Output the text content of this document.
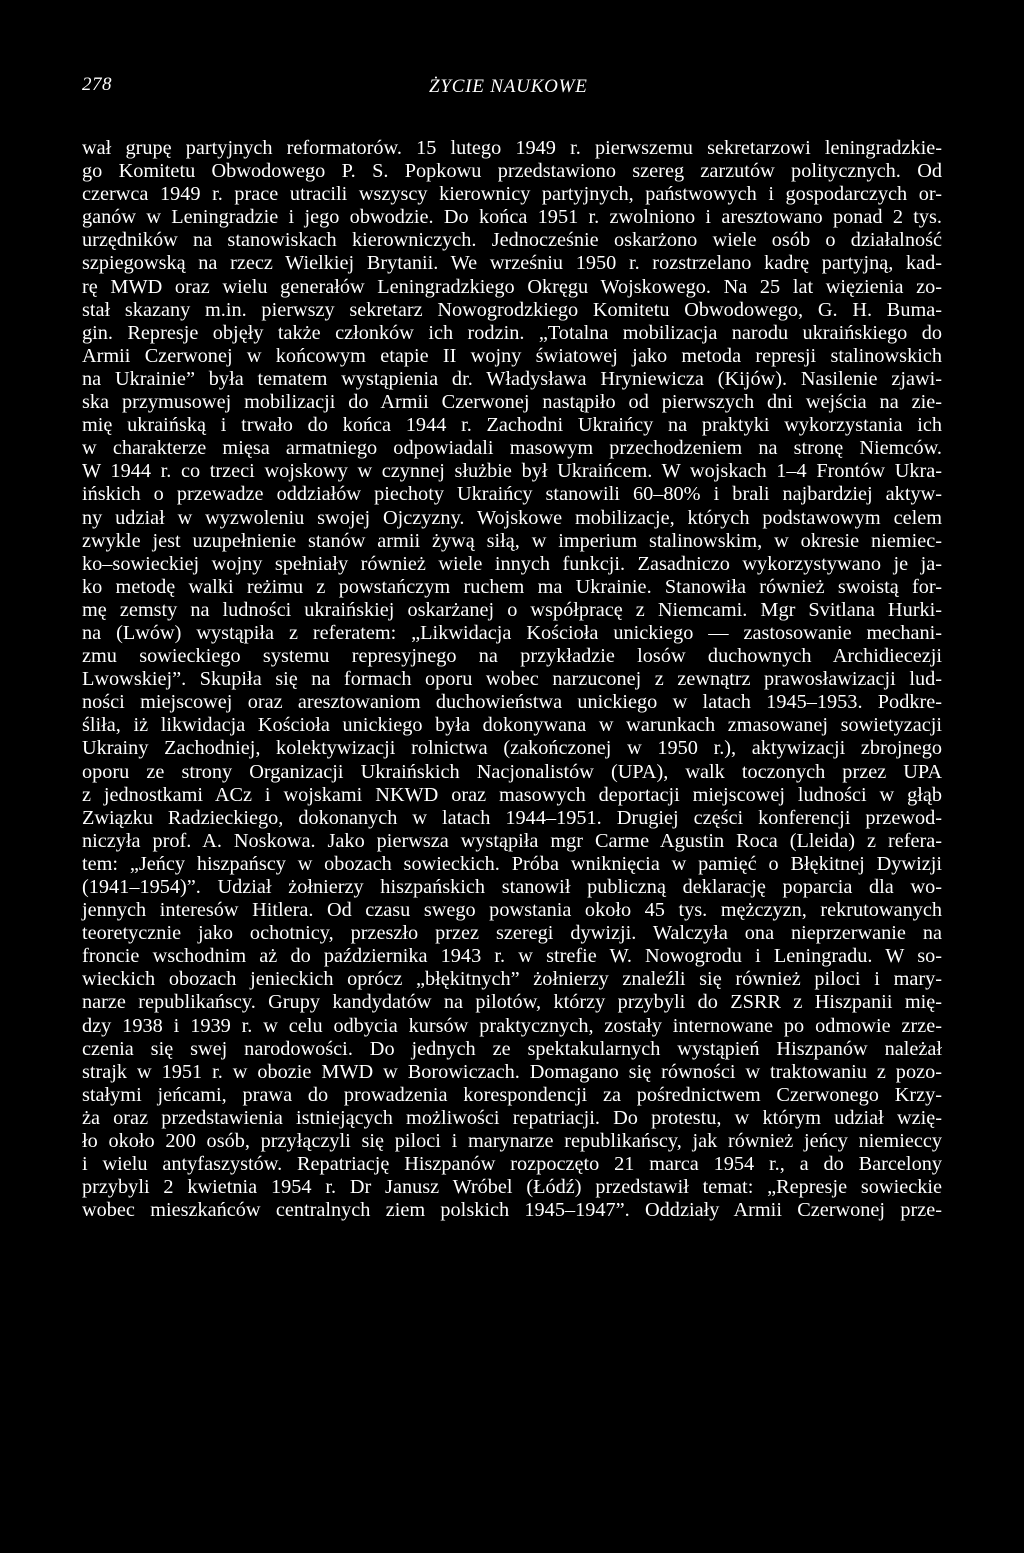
278	ŻYCIE NAUKOWE
wał grupę partyjnych reformatorów. 15 lutego 1949 r. pierwszemu sekretarzowi leningradzkie-
go Komitetu Obwodowego P. S. Popkowu przedstawiono szereg zarzutów politycznych. Od
czerwca 1949 r. prace utracili wszyscy kierownicy partyjnych, państwowych i gospodarczych or-
ganów w Leningradzie i jego obwodzie. Do końca 1951 r. zwolniono i aresztowano ponad 2 tys.
urzędników na stanowiskach kierowniczych. Jednocześnie oskarżono wiele osób o działalność
szpiegowską na rzecz Wielkiej Brytanii. We wrześniu 1950 r. rozstrzelano kadrę partyjną, kad-
rę MWD oraz wielu generałów Leningradzkiego Okręgu Wojskowego. Na 25 lat więzienia zo-
stał skazany m.in. pierwszy sekretarz Nowogrodzkiego Komitetu Obwodowego, G. H. Buma-
gin. Represje objęły także członków ich rodzin. „Totalna mobilizacja narodu ukraińskiego do
Armii Czerwonej w końcowym etapie II wojny światowej jako metoda represji stalinowskich
na Ukrainie” była tematem wystąpienia dr. Władysława Hryniewicza (Kijów). Nasilenie zjawi-
ska przymusowej mobilizacji do Armii Czerwonej nastąpiło od pierwszych dni wejścia na zie-
mię ukraińską i trwało do końca 1944 r. Zachodni Ukraińcy na praktyki wykorzystania ich
w charakterze mięsa armatniego odpowiadali masowym przechodzeniem na stronę Niemców.
W 1944 r. co trzeci wojskowy w czynnej służbie był Ukraińcem. W wojskach 1–4 Frontów Ukra-
ińskich o przewadze oddziałów piechoty Ukraińcy stanowili 60–80% i brali najbardziej aktyw-
ny udział w wyzwoleniu swojej Ojczyzny. Wojskowe mobilizacje, których podstawowym celem
zwykle jest uzupełnienie stanów armii żywą siłą, w imperium stalinowskim, w okresie niemiec-
ko–sowieckiej wojny spełniały również wiele innych funkcji. Zasadniczo wykorzystywano je ja-
ko metodę walki reżimu z powstańczym ruchem ma Ukrainie. Stanowiła również swoistą for-
mę zemsty na ludności ukraińskiej oskarżanej o współpracę z Niemcami. Mgr Svitlana Hurki-
na (Lwów) wystąpiła z referatem: „Likwidacja Kościoła unickiego — zastosowanie mechani-
zmu sowieckiego systemu represyjnego na przykładzie losów duchownych Archidiecezji
Lwowskiej”. Skupiła się na formach oporu wobec narzuconej z zewnątrz prawosławizacji lud-
ności miejscowej oraz aresztowaniom duchowieństwa unickiego w latach 1945–1953. Podkre-
śliła, iż likwidacja Kościoła unickiego była dokonywana w warunkach zmasowanej sowietyzacji
Ukrainy Zachodniej, kolektywizacji rolnictwa (zakończonej w 1950 r.), aktywizacji zbrojnego
oporu ze strony Organizacji Ukraińskich Nacjonalistów (UPA), walk toczonych przez UPA
z jednostkami ACz i wojskami NKWD oraz masowych deportacji miejscowej ludności w głąb
Związku Radzieckiego, dokonanych w latach 1944–1951. Drugiej części konferencji przewod-
niczyła prof. A. Noskowa. Jako pierwsza wystąpiła mgr Carme Agustin Roca (Lleida) z refera-
tem: „Jeńcy hiszpańscy w obozach sowieckich. Próba wniknięcia w pamięć o Błękitnej Dywizji
(1941–1954)”. Udział żołnierzy hiszpańskich stanowił publiczną deklarację poparcia dla wo-
jennych interesów Hitlera. Od czasu swego powstania około 45 tys. mężczyzn, rekrutowanych
teoretycznie jako ochotnicy, przeszło przez szeregi dywizji. Walczyła ona nieprzerwanie na
froncie wschodnim aż do października 1943 r. w strefie W. Nowogrodu i Leningradu. W so-
wieckich obozach jenieckich oprócz „błękitnych” żołnierzy znaleźli się również piloci i mary-
narze republikańscy. Grupy kandydatów na pilotów, którzy przybyli do ZSRR z Hiszpanii mię-
dzy 1938 i 1939 r. w celu odbycia kursów praktycznych, zostały internowane po odmowie zrze-
czenia się swej narodowości. Do jednych ze spektakularnych wystąpień Hiszpanów należał
strajk w 1951 r. w obozie MWD w Borowiczach. Domagano się równości w traktowaniu z pozo-
stałymi jeńcami, prawa do prowadzenia korespondencji za pośrednictwem Czerwonego Krzy-
ża oraz przedstawienia istniejących możliwości repatriacji. Do protestu, w którym udział wzię-
ło około 200 osób, przyłączyli się piloci i marynarze republikańscy, jak również jeńcy niemieccy
i wielu antyfaszystów. Repatriację Hiszpanów rozpoczęto 21 marca 1954 r., a do Barcelony
przybyli 2 kwietnia 1954 r. Dr Janusz Wróbel (Łódź) przedstawił temat: „Represje sowieckie
wobec mieszkańców centralnych ziem polskich 1945–1947”. Oddziały Armii Czerwonej prze-
